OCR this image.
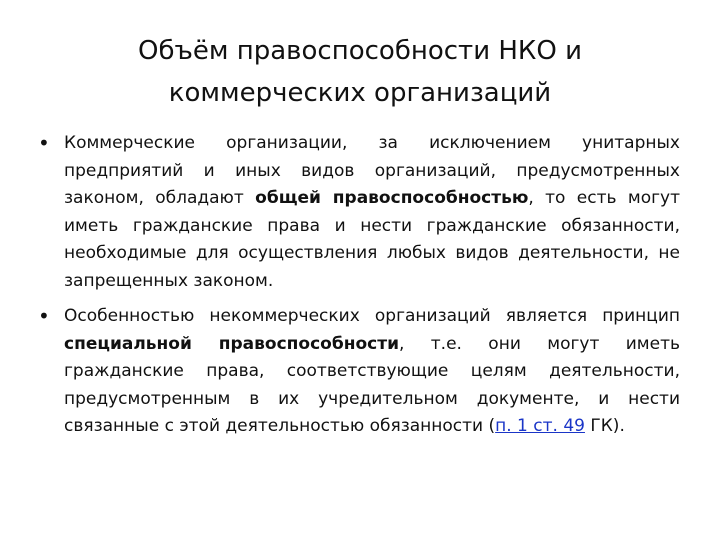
Объём правоспособности НКО и
коммерческих организаций
• Коммерческие организации, за исключением унитарных предприятий и иных видов организаций, предусмотренных законом, обладают общей правоспособностью, то есть могут иметь гражданские права и нести гражданские обязанности, необходимые для осуществления любых видов деятельности, не запрещенных законом.
• Особенностью некоммерческих организаций является принцип специальной правоспособности, т.е. они могут иметь гражданские права, соответствующие целям деятельности, предусмотренным в их учредительном документе, и нести связанные с этой деятельностью обязанности (п. 1 ст. 49 ГК).
